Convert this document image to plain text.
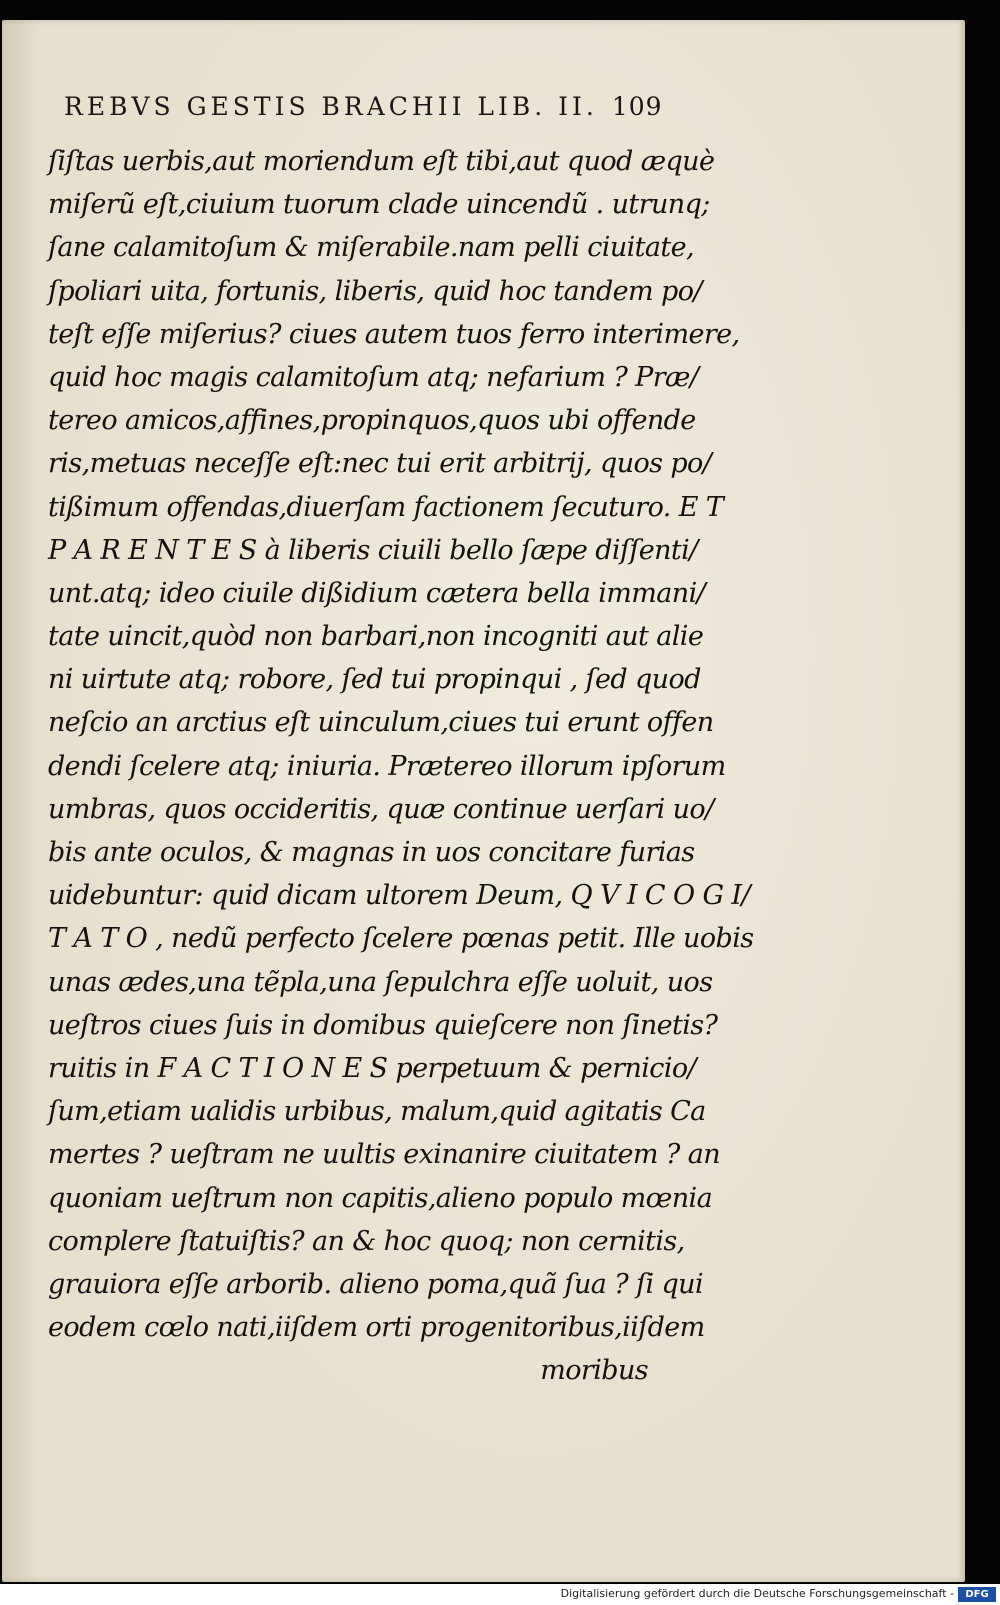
REBVS GESTIS BRACHII LIB. II. 109
ſiſtas uerbis,aut moriendum eſt tibi,aut quod æquè
miſerũ eſt,ciuium tuorum clade uincendũ . utrunq;
ſane calamitoſum & miſerabile.nam pelli ciuitate,
ſpoliari uita, fortunis, liberis, quid hoc tandem po/
teſt eſſe miſerius? ciues autem tuos ferro interimere,
quid hoc magis calamitoſum atq; nefarium ? Præ/
tereo amicos,affines,propinquos,quos ubi offende
ris,metuas neceſſe eſt:nec tui erit arbitrij, quos po/
tißimum offendas,diuerſam factionem ſecuturo. E T
P A R E N T E S à liberis ciuili bello ſæpe diſſenti/
unt.atq; ideo ciuile dißidium cætera bella immani/
tate uincit,quòd non barbari,non incogniti aut alie
ni uirtute atq; robore, ſed tui propinqui , ſed quod
neſcio an arctius eſt uinculum,ciues tui erunt offen
dendi ſcelere atq; iniuria. Prætereo illorum ipſorum
umbras, quos occideritis, quæ continue uerſari uo/
bis ante oculos, & magnas in uos concitare furias
uidebuntur: quid dicam ultorem Deum, Q V I C O G I/
T A T O , nedũ perfecto ſcelere pœnas petit. Ille uobis
unas ædes,una tẽpla,una ſepulchra eſſe uoluit, uos
ueſtros ciues ſuis in domibus quieſcere non ſinetis?
ruitis in F A C T I O N E S perpetuum & pernicio/
ſum,etiam ualidis urbibus, malum,quid agitatis Ca
mertes ? ueſtram ne uultis exinanire ciuitatem ? an
quoniam ueſtrum non capitis,alieno populo mœnia
complere ſtatuiſtis? an & hoc quoq; non cernitis,
grauiora eſſe arborib. alieno poma,quã ſua ? ſi qui
eodem cœlo nati,iiſdem orti progenitoribus,iiſdem
moribus
Digitalisierung gefördert durch die Deutsche Forschungsgemeinschaft -	DFG
